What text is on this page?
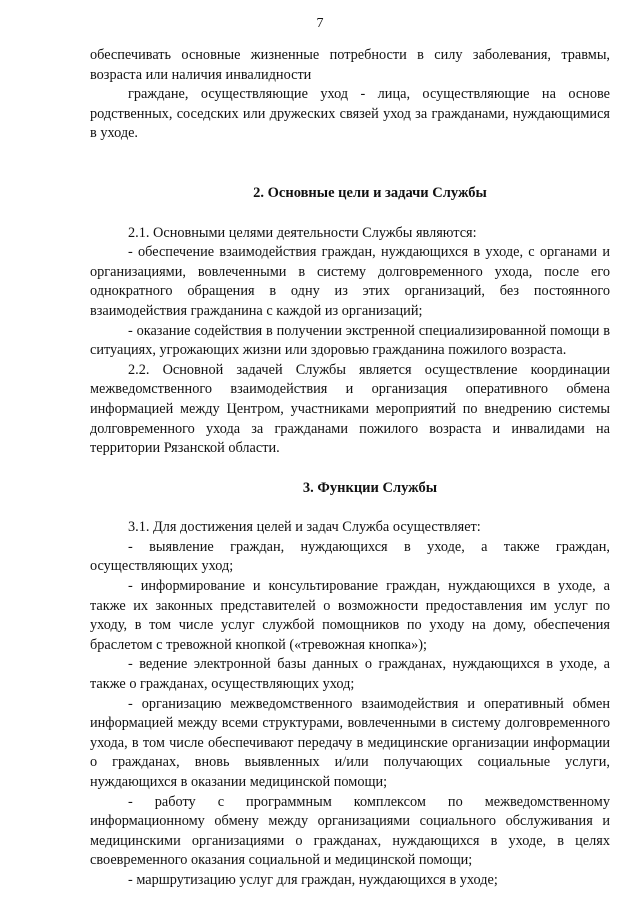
7

обеспечивать основные жизненные потребности в силу заболевания, травмы, возраста или наличия инвалидности

граждане, осуществляющие уход - лица, осуществляющие на основе родственных, соседских или дружеских связей уход за гражданами, нуждающимися в уходе.

2. Основные цели и задачи Службы

2.1. Основными целями деятельности Службы являются:

- обеспечение взаимодействия граждан, нуждающихся в уходе, с органами и организациями, вовлеченными в систему долговременного ухода, после его однократного обращения в одну из этих организаций, без постоянного взаимодействия гражданина с каждой из организаций;

- оказание содействия в получении экстренной специализированной помощи в ситуациях, угрожающих жизни или здоровью гражданина пожилого возраста.

2.2. Основной задачей Службы является осуществление координации межведомственного взаимодействия и организация оперативного обмена информацией между Центром, участниками мероприятий по внедрению системы долговременного ухода за гражданами пожилого возраста и инвалидами на территории Рязанской области.

3. Функции Службы

3.1. Для достижения целей и задач Служба осуществляет:

- выявление граждан, нуждающихся в уходе, а также граждан, осуществляющих уход;

- информирование и консультирование граждан, нуждающихся в уходе, а также их законных представителей о возможности предоставления им услуг по уходу, в том числе услуг службой помощников по уходу на дому, обеспечения браслетом с тревожной кнопкой («тревожная кнопка»);

- ведение электронной базы данных о гражданах, нуждающихся в уходе, а также о гражданах, осуществляющих уход;

- организацию межведомственного взаимодействия и оперативный обмен информацией между всеми структурами, вовлеченными в систему долговременного ухода, в том числе обеспечивают передачу в медицинские организации информации о гражданах, вновь выявленных и/или получающих социальные услуги, нуждающихся в оказании медицинской помощи;

- работу с программным комплексом по межведомственному информационному обмену между организациями социального обслуживания и медицинскими организациями о гражданах, нуждающихся в уходе, в целях своевременного оказания социальной и медицинской помощи;

- маршрутизацию услуг для граждан, нуждающихся в уходе;
